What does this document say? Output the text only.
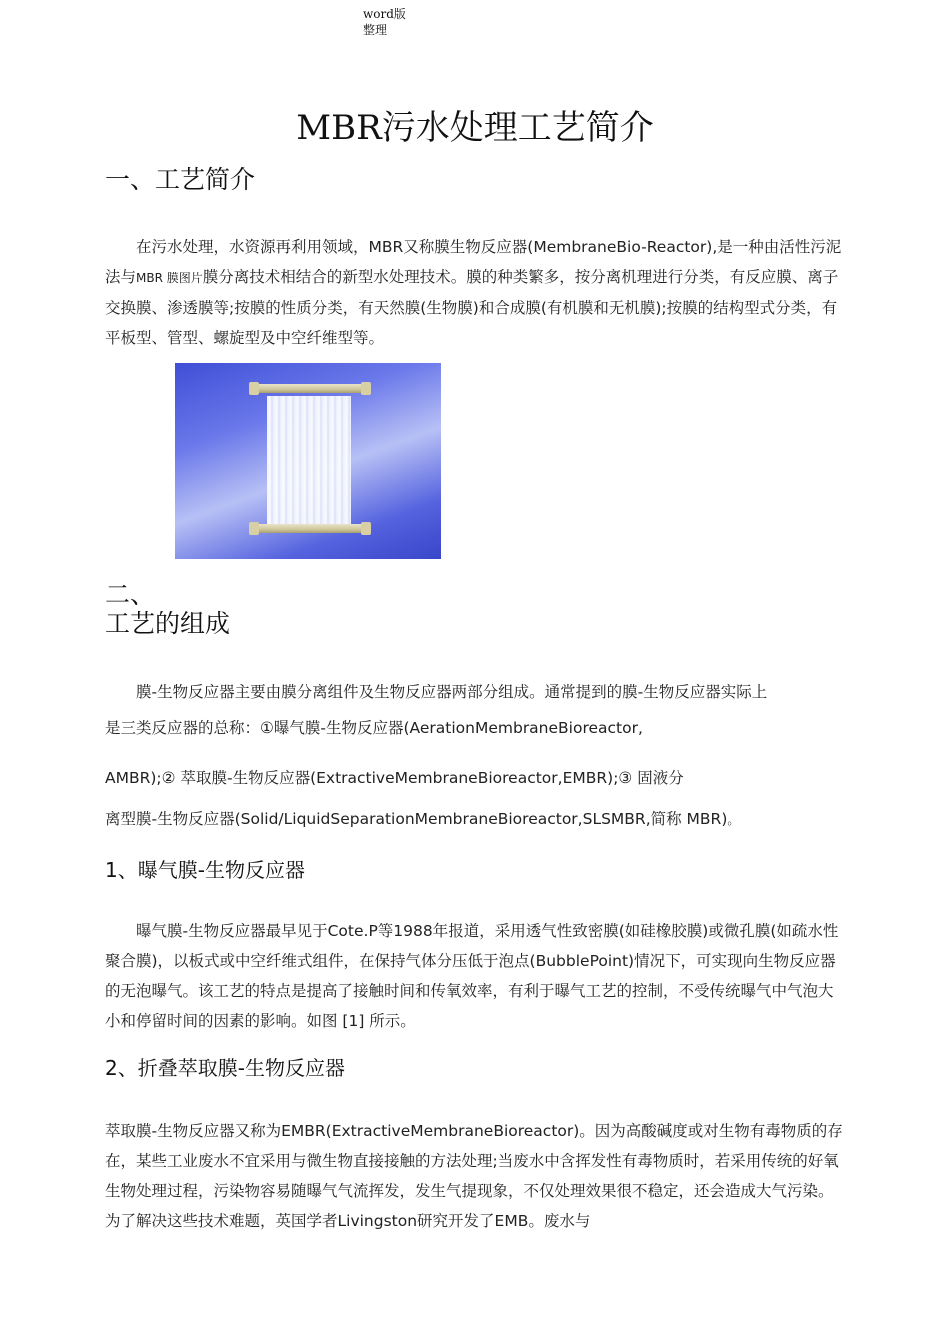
word版
整理
MBR污水处理工艺简介
一、工艺简介

在污水处理，水资源再利用领域，MBR又称膜生物反应器(MembraneBio-Reactor),是一种由活性污泥法与MBR 膜图片膜分离技术相结合的新型水处理技术。膜的种类繁多，按分离机理进行分类，有反应膜、离子交换膜、渗透膜等;按膜的性质分类，有天然膜(生物膜)和合成膜(有机膜和无机膜);按膜的结构型式分类，有平板型、管型、螺旋型及中空纤维型等。

二、
工艺的组成

膜-生物反应器主要由膜分离组件及生物反应器两部分组成。通常提到的膜-生物反应器实际上

是三类反应器的总称：①曝气膜-生物反应器(AerationMembraneBioreactor,

AMBR);② 萃取膜-生物反应器(ExtractiveMembraneBioreactor,EMBR);③ 固液分

离型膜-生物反应器(Solid/LiquidSeparationMembraneBioreactor,SLSMBR,简称 MBR)。

1、曝气膜-生物反应器

曝气膜-生物反应器最早见于Cote.P等1988年报道，采用透气性致密膜(如硅橡胶膜)或微孔膜(如疏水性聚合膜)，以板式或中空纤维式组件，在保持气体分压低于泡点(BubblePoint)情况下，可实现向生物反应器的无泡曝气。该工艺的特点是提高了接触时间和传氧效率，有利于曝气工艺的控制，不受传统曝气中气泡大小和停留时间的因素的影响。如图 [1] 所示。

2、折叠萃取膜-生物反应器

萃取膜-生物反应器又称为EMBR(ExtractiveMembraneBioreactor)。因为高酸碱度或对生物有毒物质的存在，某些工业废水不宜采用与微生物直接接触的方法处理;当废水中含挥发性有毒物质时，若采用传统的好氧生物处理过程，污染物容易随曝气气流挥发，发生气提现象，不仅处理效果很不稳定，还会造成大气污染。为了解决这些技术难题，英国学者Livingston研究开发了EMB。废水与
